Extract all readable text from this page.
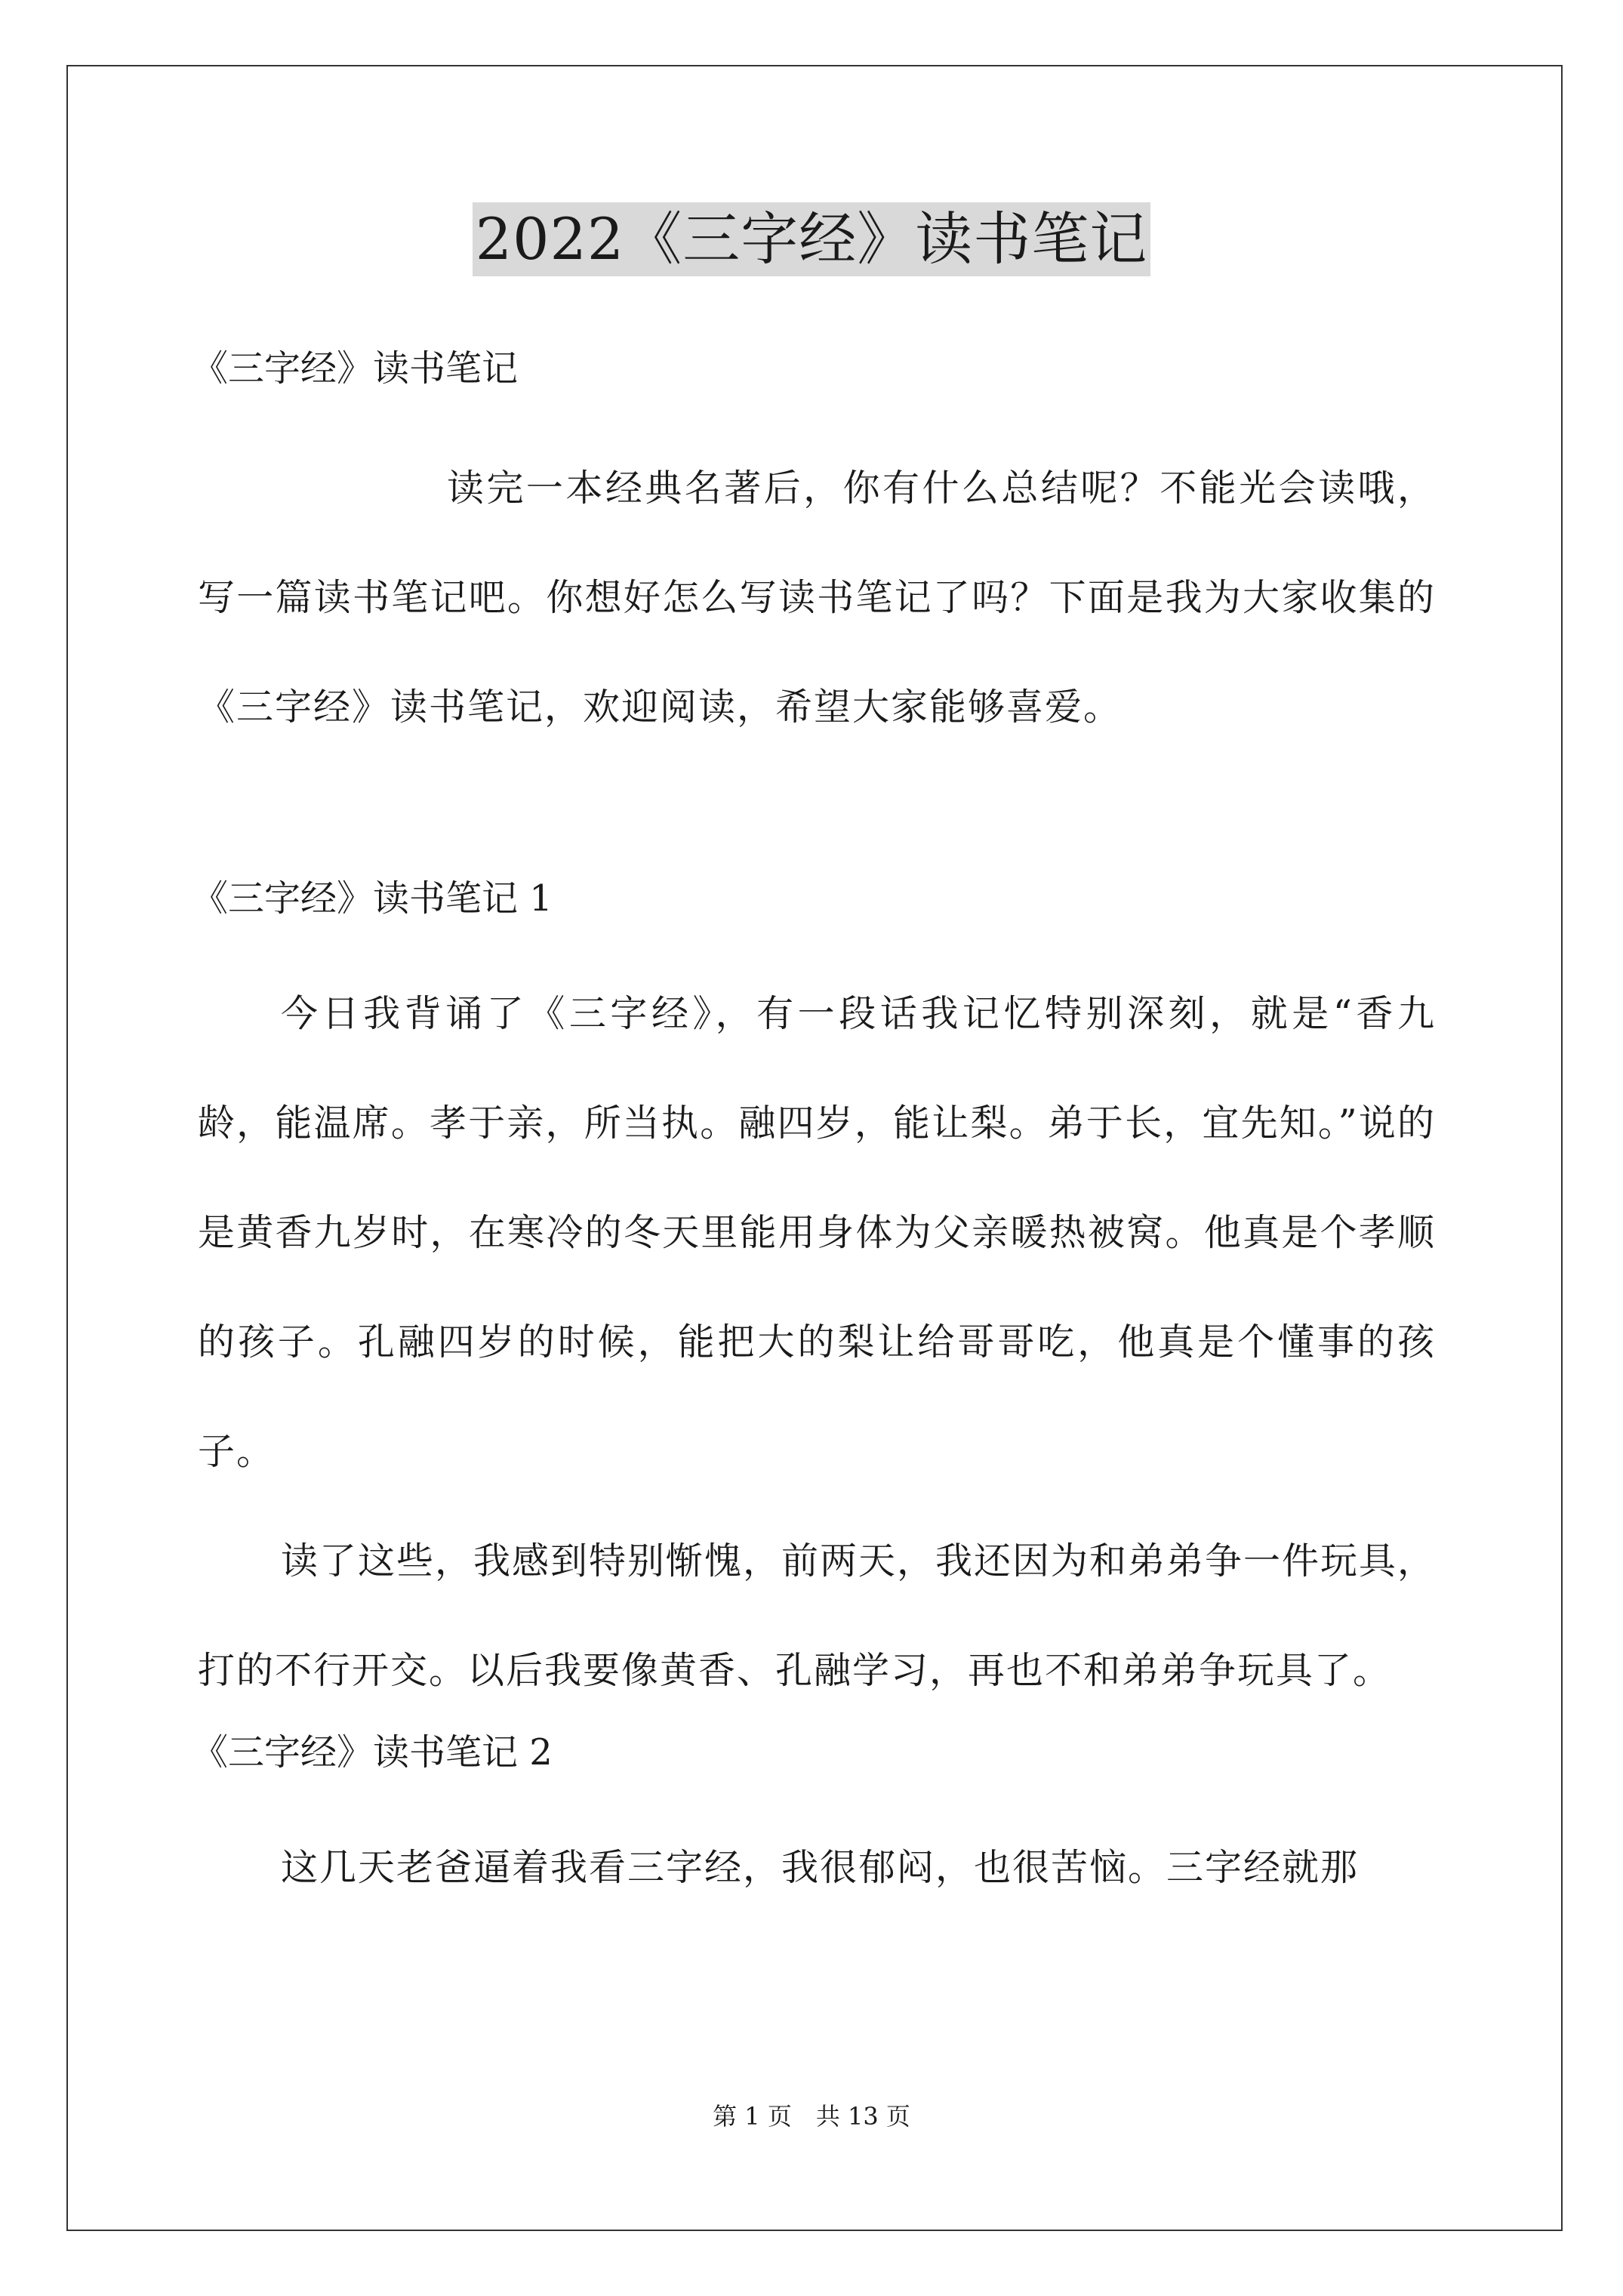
2022《三字经》读书笔记
《三字经》读书笔记

读完一本经典名著后，你有什么总结呢？不能光会读哦，写一篇读书笔记吧。你想好怎么写读书笔记了吗？下面是我为大家收集的《三字经》读书笔记，欢迎阅读，希望大家能够喜爱。

《三字经》读书笔记 1

今日我背诵了《三字经》，有一段话我记忆特别深刻，就是“香九龄，能温席。孝于亲，所当执。融四岁，能让梨。弟于长，宜先知。”说的是黄香九岁时，在寒冷的冬天里能用身体为父亲暖热被窝。他真是个孝顺的孩子。孔融四岁的时候，能把大的梨让给哥哥吃，他真是个懂事的孩子。

读了这些，我感到特别惭愧，前两天，我还因为和弟弟争一件玩具，打的不行开交。以后我要像黄香、孔融学习，再也不和弟弟争玩具了。

《三字经》读书笔记 2

这几天老爸逼着我看三字经，我很郁闷，也很苦恼。三字经就那

第 1 页　共 13 页
